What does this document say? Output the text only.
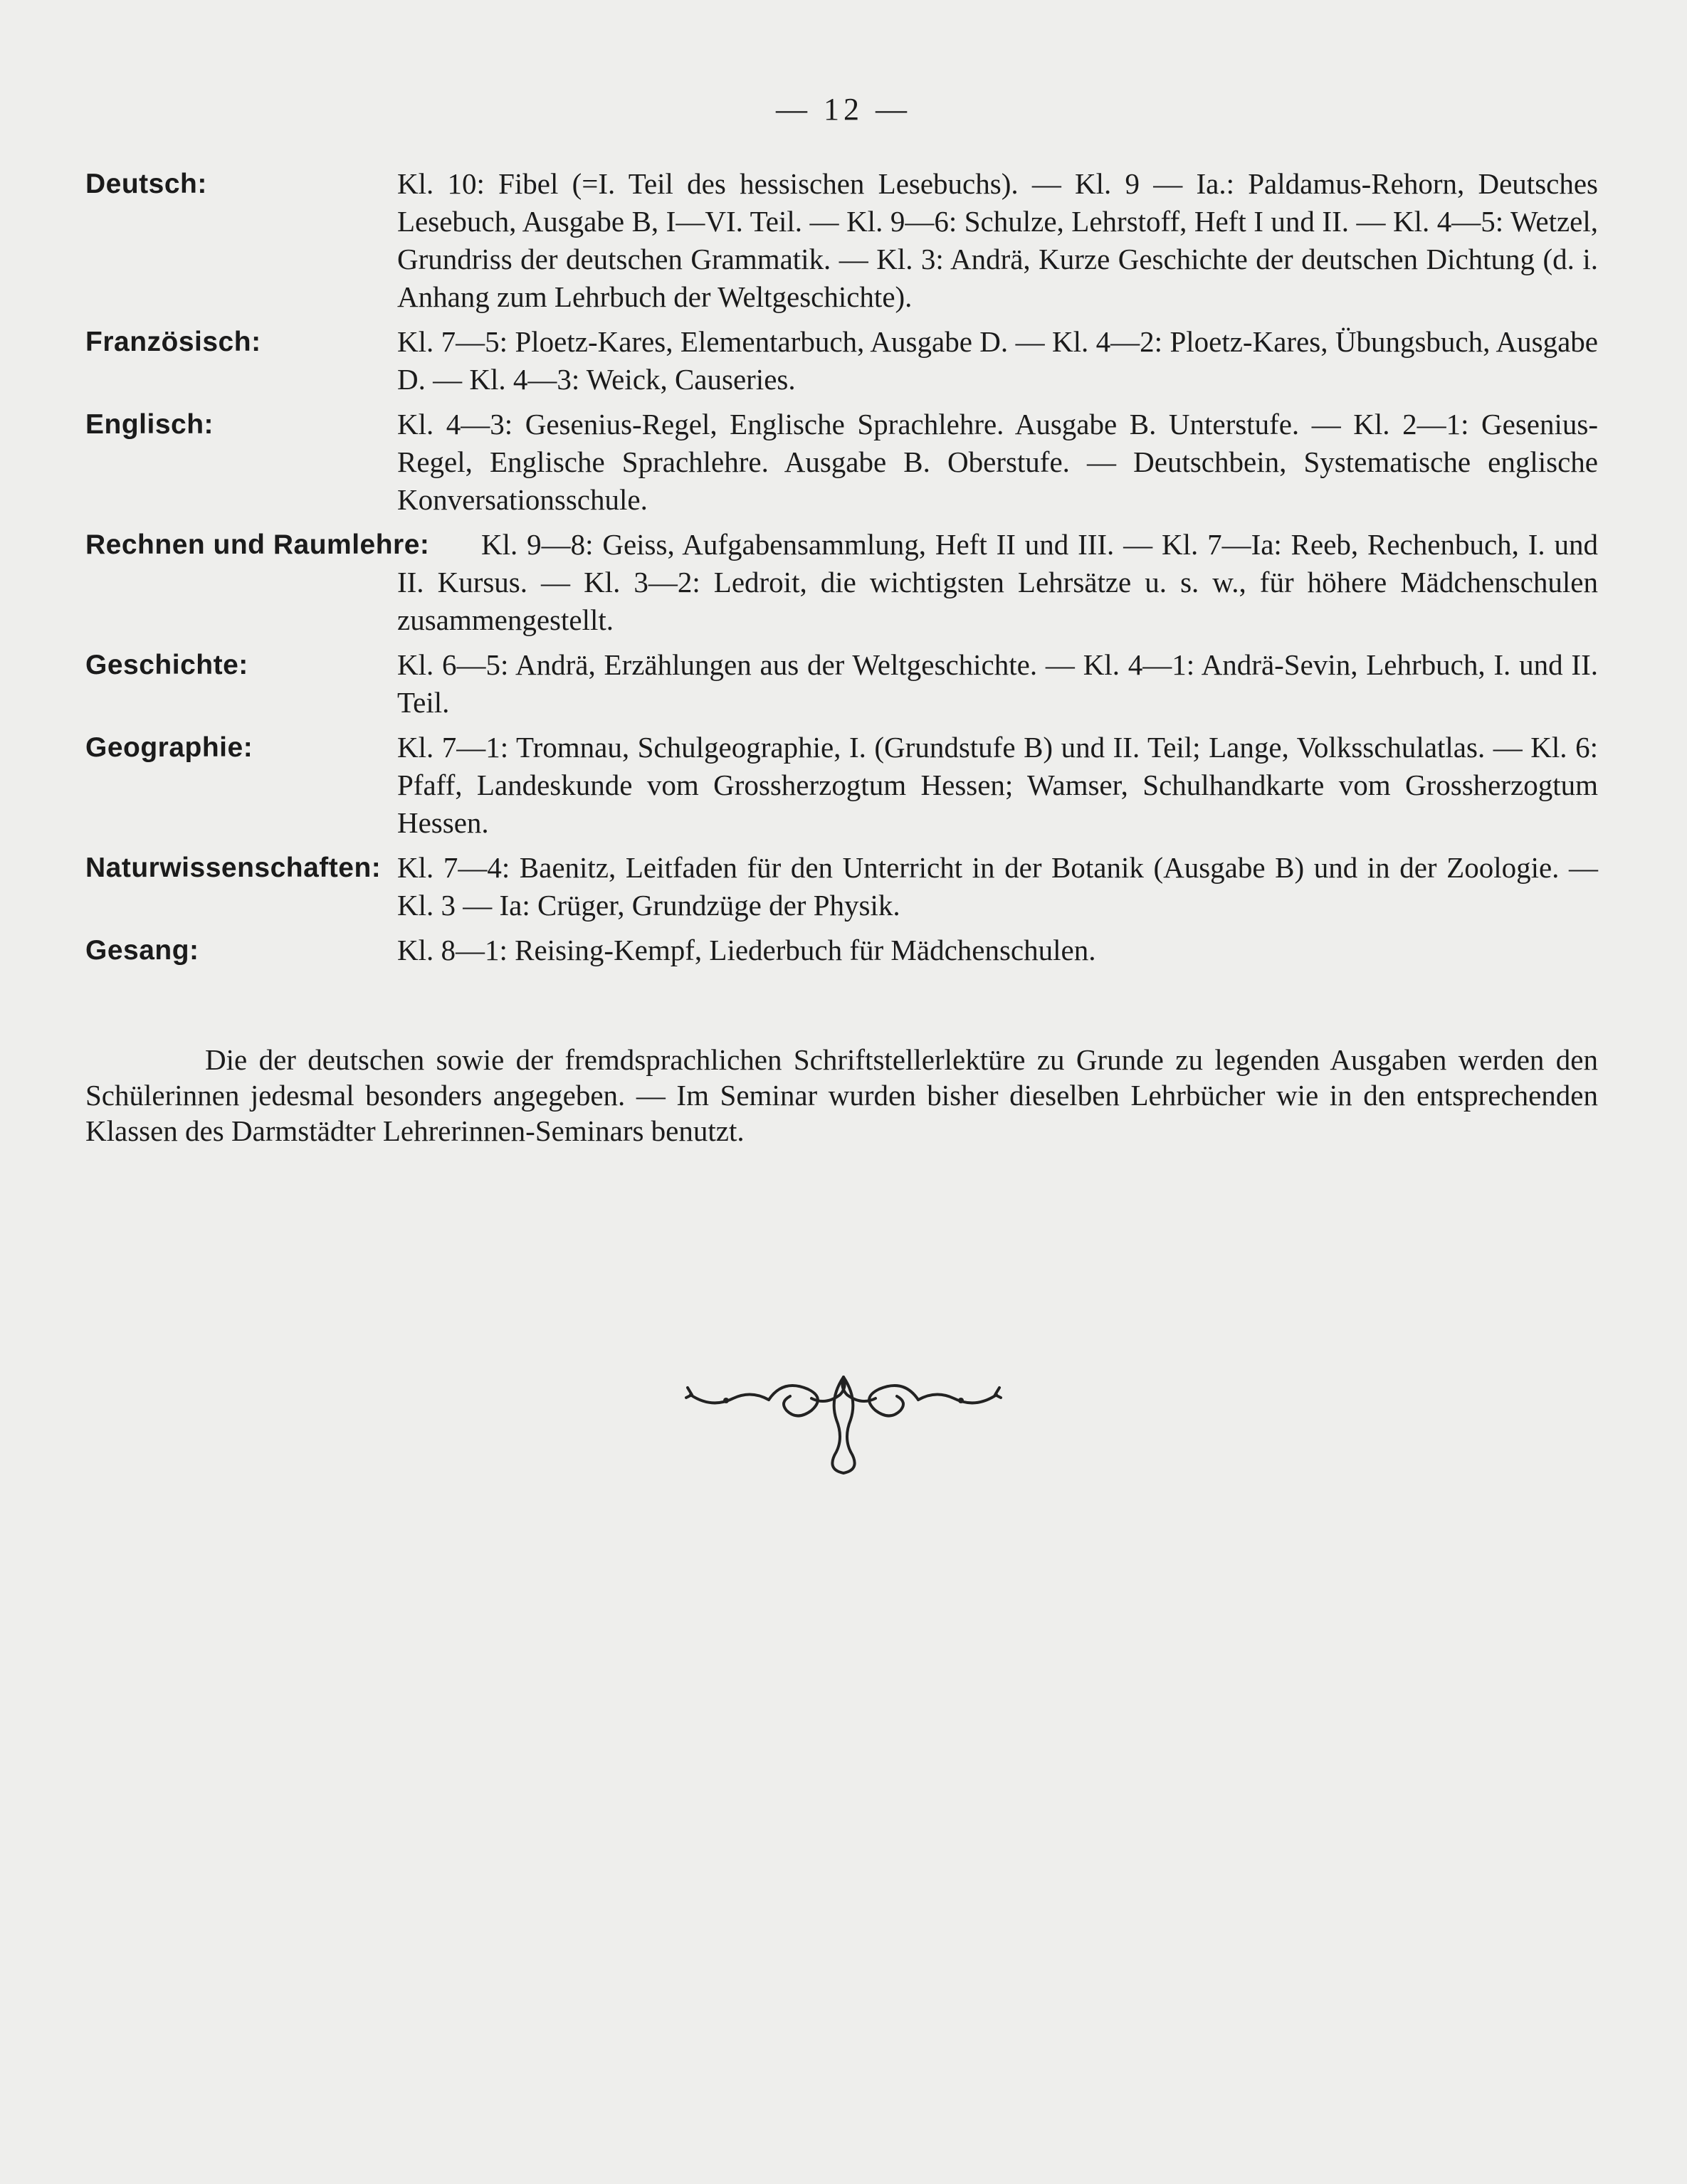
— 12 —
Deutsch:	Kl. 10: Fibel (=I. Teil des hessischen Lesebuchs). — Kl. 9 — Ia.: Paldamus-Rehorn, Deutsches Lesebuch, Ausgabe B, I—VI. Teil. — Kl. 9—6: Schulze, Lehrstoff, Heft I und II. — Kl. 4—5: Wetzel, Grundriss der deutschen Grammatik. — Kl. 3: Andrä, Kurze Geschichte der deutschen Dichtung (d. i. Anhang zum Lehrbuch der Weltgeschichte).
Französisch:	Kl. 7—5: Ploetz-Kares, Elementarbuch, Ausgabe D. — Kl. 4—2: Ploetz-Kares, Übungsbuch, Ausgabe D. — Kl. 4—3: Weick, Causeries.
Englisch:	Kl. 4—3: Gesenius-Regel, Englische Sprachlehre. Ausgabe B. Unterstufe. — Kl. 2—1: Gesenius-Regel, Englische Sprachlehre. Ausgabe B. Oberstufe. — Deutschbein, Systematische englische Konversationsschule.
Rechnen und Raumlehre:	Kl. 9—8: Geiss, Aufgabensammlung, Heft II und III. — Kl. 7—Ia: Reeb, Rechenbuch, I. und II. Kursus. — Kl. 3—2: Ledroit, die wichtigsten Lehrsätze u. s. w., für höhere Mädchenschulen zusammengestellt.
Geschichte:	Kl. 6—5: Andrä, Erzählungen aus der Weltgeschichte. — Kl. 4—1: Andrä-Sevin, Lehrbuch, I. und II. Teil.
Geographie:	Kl. 7—1: Tromnau, Schulgeographie, I. (Grundstufe B) und II. Teil; Lange, Volksschulatlas. — Kl. 6: Pfaff, Landeskunde vom Grossherzogtum Hessen; Wamser, Schulhandkarte vom Grossherzogtum Hessen.
Naturwissenschaften: Kl. 7—4: Baenitz, Leitfaden für den Unterricht in der Botanik (Ausgabe B) und in der Zoologie. — Kl. 3 — Ia: Crüger, Grundzüge der Physik.
Gesang:	Kl. 8—1: Reising-Kempf, Liederbuch für Mädchenschulen.
Die der deutschen sowie der fremdsprachlichen Schriftstellerlektüre zu Grunde zu legenden Ausgaben werden den Schülerinnen jedesmal besonders angegeben. — Im Seminar wurden bisher dieselben Lehrbücher wie in den entsprechenden Klassen des Darmstädter Lehrerinnen-Seminars benutzt.
